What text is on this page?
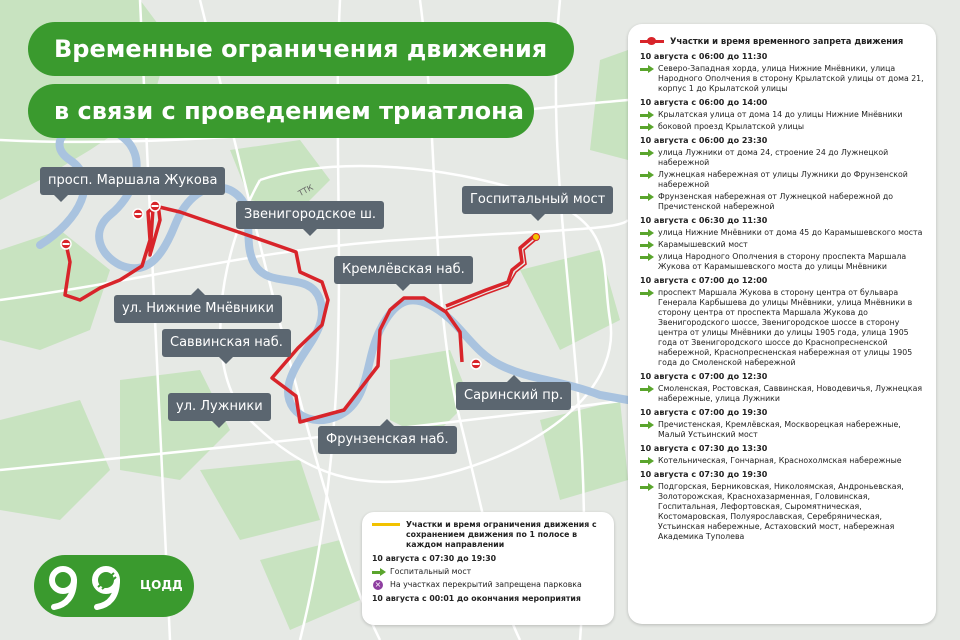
Временные ограничения движения
в связи с проведением триатлона
ТТК
просп. Маршала Жукова
Звенигородское ш.
ул. Нижние Мнёвники
Саввинская наб.
ул. Лужники
Фрунзенская наб.
Кремлёвская наб.
Госпитальный мост
Саринский пр.
Участки и время временного запрета движения
10 августа с 06:00 до 11:30
Северо-Западная хорда, улица Нижние Мнёвники, улица Народного Ополчения в сторону Крылатской улицы от дома 21, корпус 1 до Крылатской улицы
10 августа с 06:00 до 14:00
Крылатская улица от дома 14 до улицы Нижние Мнёвники
боковой проезд Крылатской улицы
10 августа с 06:00 до 23:30
улица Лужники от дома 24, строение 24 до Лужнецкой набережной
Лужнецкая набережная от улицы Лужники до Фрунзенской набережной
Фрунзенская набережная от Лужнецкой набережной до Пречистенской набережной
10 августа с 06:30 до 11:30
улица Нижние Мнёвники от дома 45 до Карамышевского моста
Карамышевский мост
улица Народного Ополчения в сторону проспекта Маршала Жукова от Карамышевского моста до улицы Мнёвники
10 августа с 07:00 до 12:00
проспект Маршала Жукова в сторону центра от бульвара Генерала Карбышева до улицы Мнёвники, улица Мнёвники в сторону центра от проспекта Маршала Жукова до Звенигородского шоссе, Звенигородское шоссе в сторону центра от улицы Мнёвники до улицы 1905 года, улица 1905 года от Звенигородского шоссе до Краснопресненской набережной, Краснопресненская набережная от улицы 1905 года до Смоленской набережной
10 августа с 07:00 до 12:30
Смоленская, Ростовская, Саввинская, Новодевичья, Лужнецкая набережные, улица Лужники
10 августа с 07:00 до 19:30
Пречистенская, Кремлёвская, Москворецкая набережные, Малый Устьинский мост
10 августа с 07:30 до 13:30
Котельническая, Гончарная, Краснохолмская набережные
10 августа с 07:30 до 19:30
Подгорская, Берниковская, Николоямская, Андроньевская, Золоторожская, Краснохазарменная, Головинская, Госпитальная, Лефортовская, Сыромятническая, Костомаровская, Полуярославская, Серебряническая, Устьинская набережные, Астаховский мост, набережная Академика Туполева
Участки и время ограничения движения с сохранением движения по 1 полосе в каждом направлении
10 августа с 07:30 до 19:30
Госпитальный мост
× На участках перекрытий запрещена парковка
10 августа с 00:01 до окончания мероприятия
ЦОДД
